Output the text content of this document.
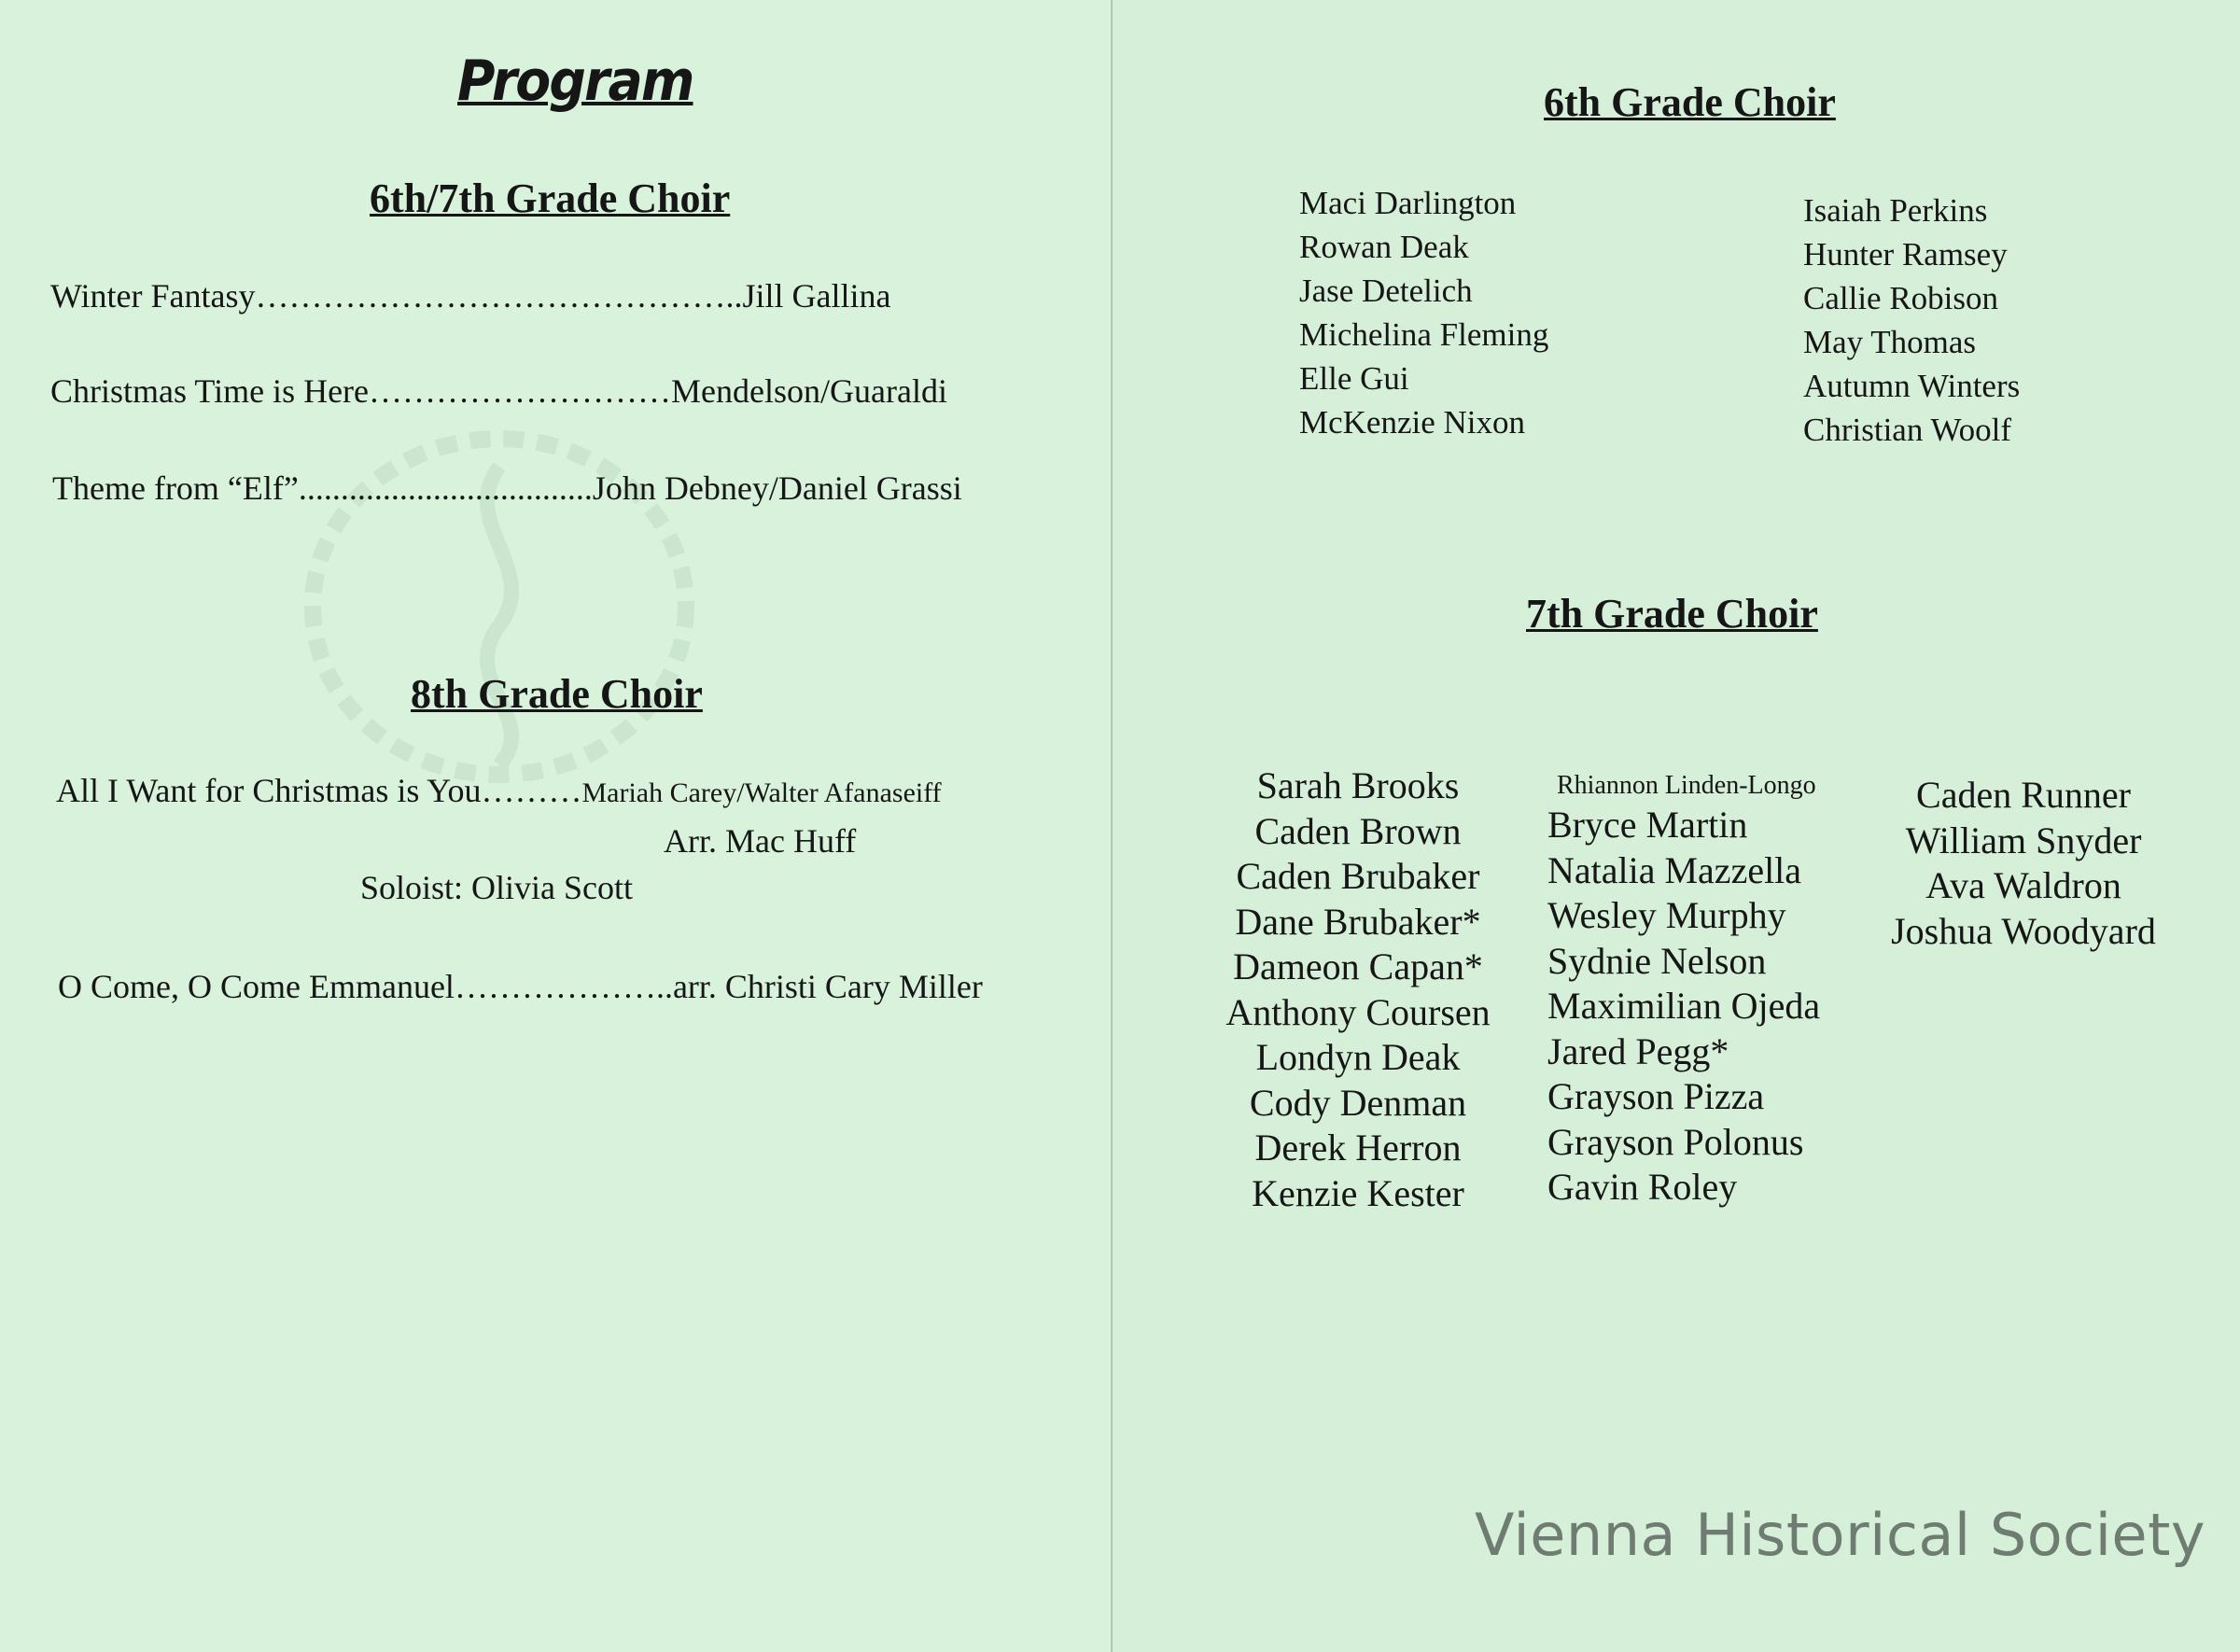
Program
6th/7th Grade Choir
Winter Fantasy……………………………………..Jill Gallina
Christmas Time is Here………………………Mendelson/Guaraldi
Theme from “Elf”...................................John Debney/Daniel Grassi
8th Grade Choir
All I Want for Christmas is You………Mariah Carey/Walter Afanaseiff
Arr. Mac Huff
Soloist: Olivia Scott
O Come, O Come Emmanuel………………..arr. Christi Cary Miller
6th Grade Choir
Maci Darlington
Rowan Deak
Jase Detelich
Michelina Fleming
Elle Gui
McKenzie Nixon
Isaiah Perkins
Hunter Ramsey
Callie Robison
May Thomas
Autumn Winters
Christian Woolf
7th Grade Choir
Sarah Brooks
Caden Brown
Caden Brubaker
Dane Brubaker*
Dameon Capan*
Anthony Coursen
Londyn Deak
Cody Denman
Derek Herron
Kenzie Kester
Rhiannon Linden-Longo
Bryce Martin
Natalia Mazzella
Wesley Murphy
Sydnie Nelson
Maximilian Ojeda
Jared Pegg*
Grayson Pizza
Grayson Polonus
Gavin Roley
Caden Runner
William Snyder
Ava Waldron
Joshua Woodyard
Vienna Historical Society
